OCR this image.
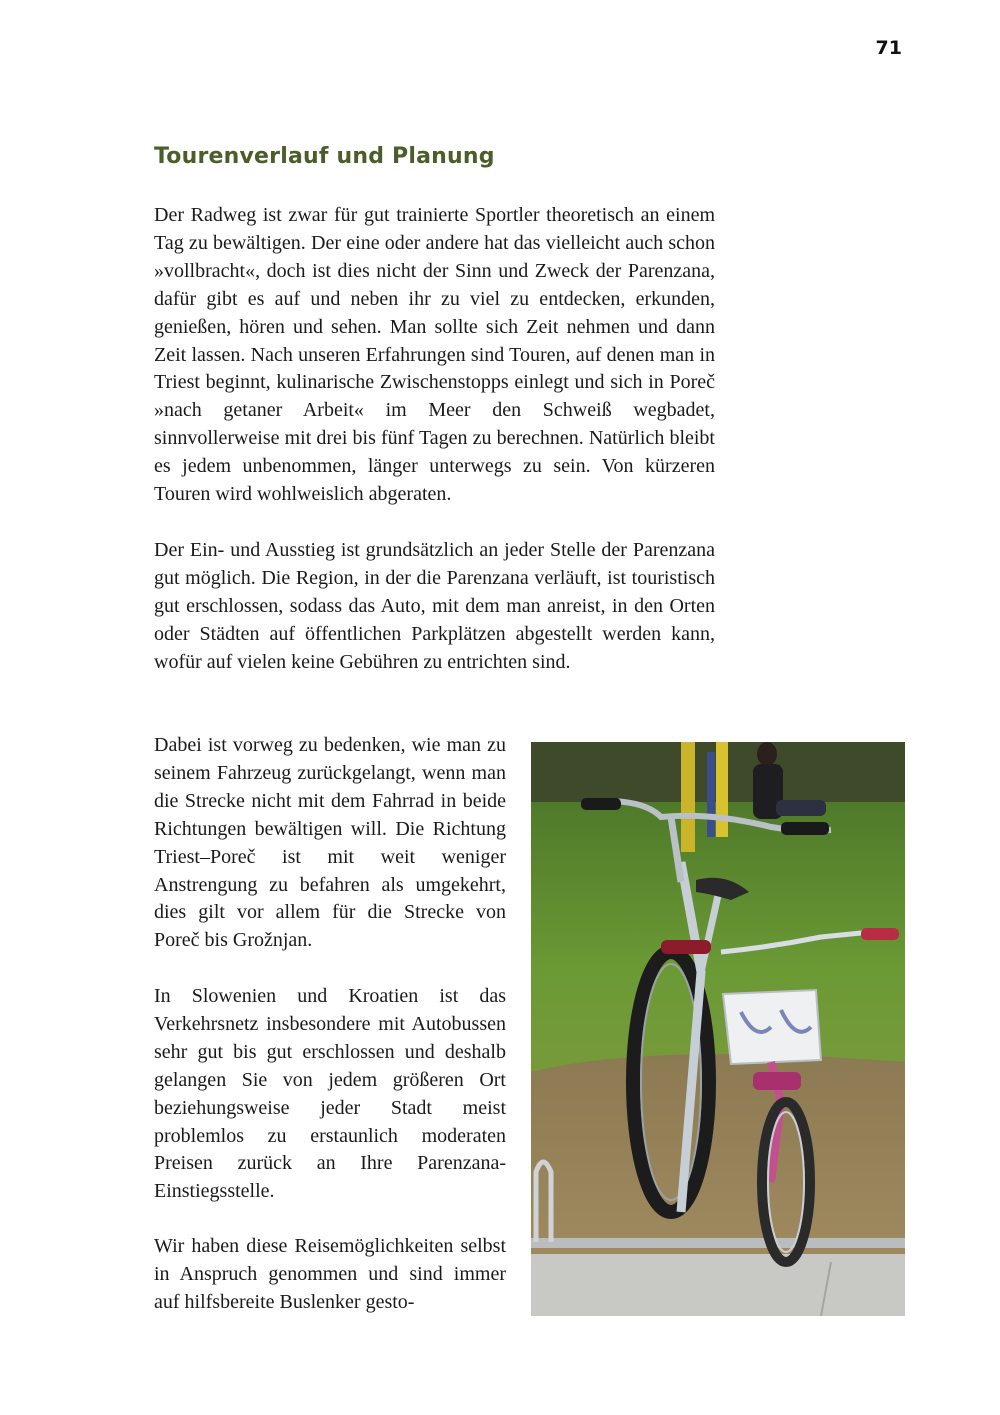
71
Tourenverlauf und Planung

Der Radweg ist zwar für gut trainierte Sportler theoretisch an einem Tag zu bewältigen. Der eine oder andere hat das vielleicht auch schon »vollbracht«, doch ist dies nicht der Sinn und Zweck der Parenzana, dafür gibt es auf und neben ihr zu viel zu entdecken, erkunden, genießen, hören und sehen. Man sollte sich Zeit nehmen und dann Zeit lassen. Nach unseren Erfahrungen sind Touren, auf denen man in Triest beginnt, kulinarische Zwischenstopps einlegt und sich in Poreč »nach getaner Arbeit« im Meer den Schweiß wegbadet, sinnvollerweise mit drei bis fünf Tagen zu berechnen. Natürlich bleibt es jedem unbenommen, länger unterwegs zu sein. Von kürzeren Touren wird wohlweislich abgeraten.

Der Ein- und Ausstieg ist grundsätzlich an jeder Stelle der Parenzana gut möglich. Die Region, in der die Parenzana verläuft, ist touristisch gut erschlossen, sodass das Auto, mit dem man anreist, in den Orten oder Städten auf öffentlichen Parkplätzen abgestellt werden kann, wofür auf vielen keine Gebühren zu entrichten sind.

Dabei ist vorweg zu bedenken, wie man zu seinem Fahrzeug zurückgelangt, wenn man die Strecke nicht mit dem Fahrrad in beide Richtungen bewältigen will. Die Richtung Triest–Poreč ist mit weit weniger Anstrengung zu befahren als umgekehrt, dies gilt vor allem für die Strecke von Poreč bis Grožnjan.

In Slowenien und Kroatien ist das Verkehrsnetz insbesondere mit Autobussen sehr gut bis gut erschlossen und deshalb gelangen Sie von jedem größeren Ort beziehungsweise jeder Stadt meist problemlos zu erstaunlich moderaten Preisen zurück an Ihre Parenzana-Einstiegsstelle.

Wir haben diese Reisemöglichkeiten selbst in Anspruch genommen und sind immer auf hilfsbereite Buslenker gesto-
